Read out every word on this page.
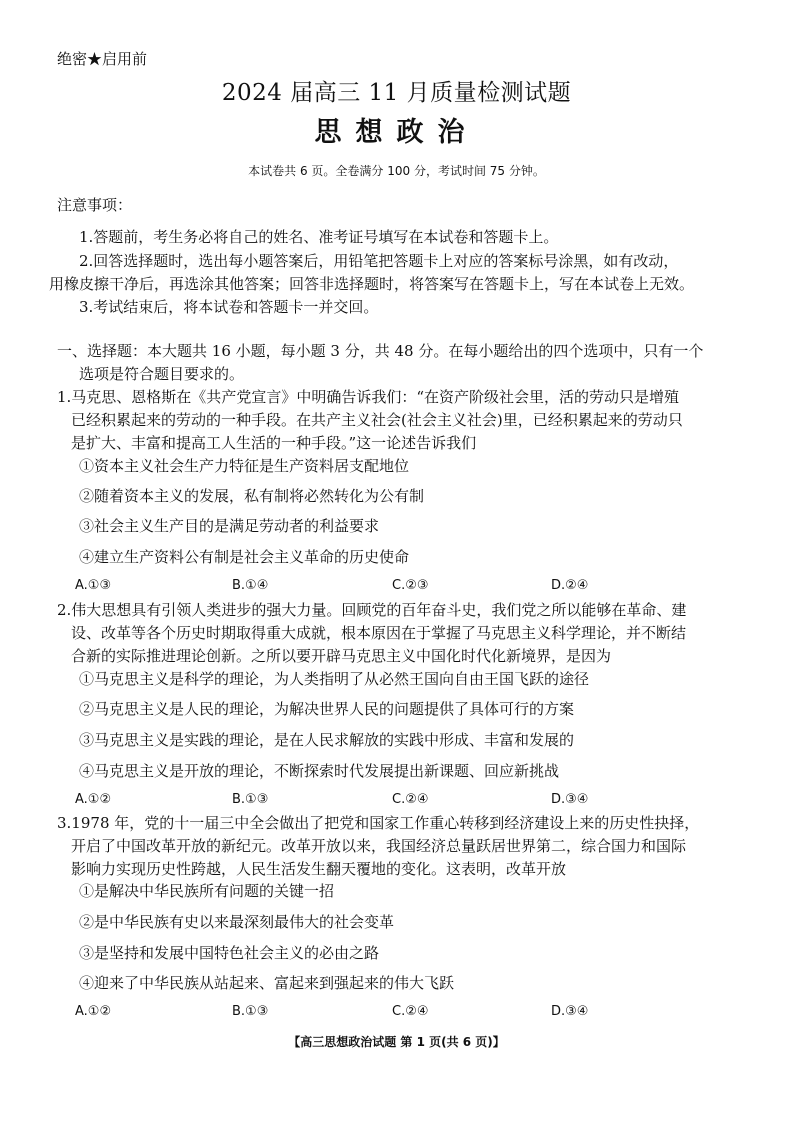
绝密★启用前
2024 届高三 11 月质量检测试题
思想政治
本试卷共 6 页。全卷满分 100 分，考试时间 75 分钟。
注意事项：
1.答题前，考生务必将自己的姓名、准考证号填写在本试卷和答题卡上。
2.回答选择题时，选出每小题答案后，用铅笔把答题卡上对应的答案标号涂黑，如有改动，
用橡皮擦干净后，再选涂其他答案；回答非选择题时，将答案写在答题卡上，写在本试卷上无效。
3.考试结束后，将本试卷和答题卡一并交回。
一、选择题：本大题共 16 小题，每小题 3 分，共 48 分。在每小题给出的四个选项中，只有一个
选项是符合题目要求的。
1.马克思、恩格斯在《共产党宣言》中明确告诉我们：“在资产阶级社会里，活的劳动只是增殖
已经积累起来的劳动的一种手段。在共产主义社会(社会主义社会)里，已经积累起来的劳动只
是扩大、丰富和提高工人生活的一种手段。”这一论述告诉我们
①资本主义社会生产力特征是生产资料居支配地位
②随着资本主义的发展，私有制将必然转化为公有制
③社会主义生产目的是满足劳动者的利益要求
④建立生产资料公有制是社会主义革命的历史使命
A.①③	B.①④	C.②③	D.②④
2.伟大思想具有引领人类进步的强大力量。回顾党的百年奋斗史，我们党之所以能够在革命、建
设、改革等各个历史时期取得重大成就，根本原因在于掌握了马克思主义科学理论，并不断结
合新的实际推进理论创新。之所以要开辟马克思主义中国化时代化新境界，是因为
①马克思主义是科学的理论，为人类指明了从必然王国向自由王国飞跃的途径
②马克思主义是人民的理论，为解决世界人民的问题提供了具体可行的方案
③马克思主义是实践的理论，是在人民求解放的实践中形成、丰富和发展的
④马克思主义是开放的理论，不断探索时代发展提出新课题、回应新挑战
A.①②	B.①③	C.②④	D.③④
3.1978 年，党的十一届三中全会做出了把党和国家工作重心转移到经济建设上来的历史性抉择，
开启了中国改革开放的新纪元。改革开放以来，我国经济总量跃居世界第二，综合国力和国际
影响力实现历史性跨越，人民生活发生翻天覆地的变化。这表明，改革开放
①是解决中华民族所有问题的关键一招
②是中华民族有史以来最深刻最伟大的社会变革
③是坚持和发展中国特色社会主义的必由之路
④迎来了中华民族从站起来、富起来到强起来的伟大飞跃
A.①②	B.①③	C.②④	D.③④
【高三思想政治试题 第 1 页(共 6 页)】
